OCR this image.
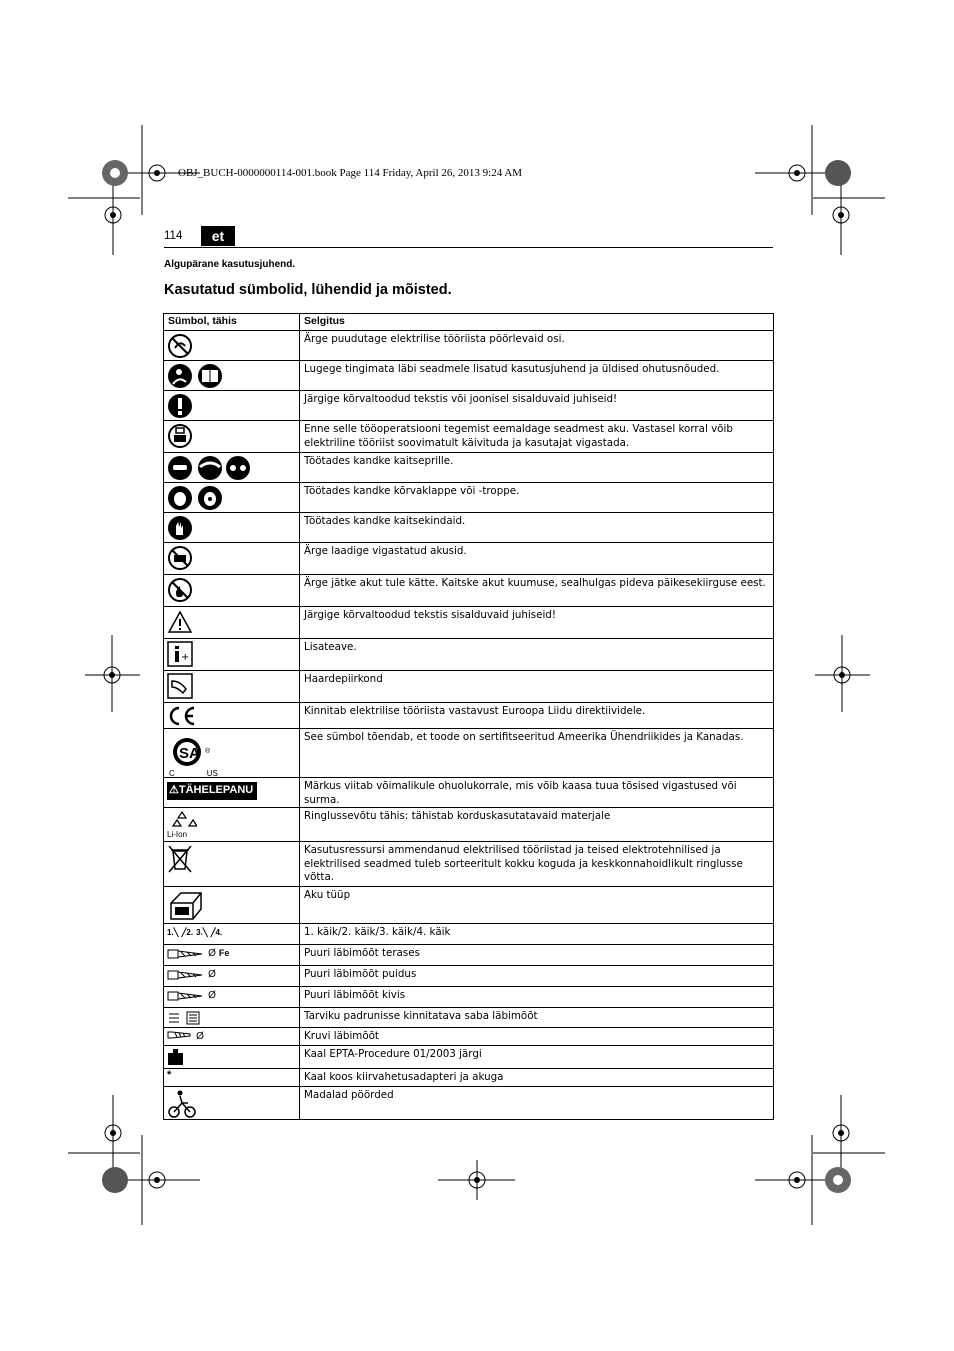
OBJ_BUCH-0000000114-001.book Page 114 Friday, April 26, 2013 9:24 AM
114	et
Algupärane kasutusjuhend.
Kasutatud sümbolid, lühendid ja mõisted.
Sümbol, tähis	Selgitus
	Ärge puudutage elektrilise tööriista pöörlevaid osi.
	Lugege tingimata läbi seadmele lisatud kasutusjuhend ja üldised ohutusnõuded.
	Järgige kõrvaltoodud tekstis või joonisel sisalduvaid juhiseid!
	Enne selle tööoperatsiooni tegemist eemaldage seadmest aku. Vastasel korral võib elektriline tööriist soovimatult käivituda ja kasutajat vigastada.
	Töötades kandke kaitseprille.
	Töötades kandke kõrvaklappe või -troppe.
	Töötades kandke kaitsekindaid.
	Ärge laadige vigastatud akusid.
	Ärge jätke akut tule kätte. Kaitske akut kuumuse, sealhulgas pideva päikesekiirguse eest.
	Järgige kõrvaltoodud tekstis sisalduvaid juhiseid!

+	Lisateave.
	Haardepiirkond
	Kinnitab elektrilise tööriista vastavust Euroopa Liidu direktiividele.

SA ®
$_C$ $_{US}$	See sümbol tõendab, et toode on sertifitseeritud Ameerika Ühendriikides ja Kanadas.
⚠TÄHELEPANU	Märkus viitab võimalikule ohuolukorrale, mis võib kaasa tuua tõsised vigastused või surma.

Li-Ion	Ringlussevõtu tähis: tähistab korduskasutatavaid materjale
	Kasutusressursi ammendanud elektrilised tööriistad ja teised elektrotehnilised ja elektrilised seadmed tuleb sorteeritult kokku koguda ja keskkonnahoidlikult ringlusse võtta.
	Aku tüüp
1.╲ ╱2. 3.╲ ╱4.	1. käik/2. käik/3. käik/4. käik
Ø Fe	Puuri läbimõõt terases
Ø	Puuri läbimõõt puidus
Ø	Puuri läbimõõt kivis
	Tarviku padrunisse kinnitatava saba läbimõõt
Ø	Kruvi läbimõõt
	Kaal EPTA-Procedure 01/2003 järgi
*	Kaal koos kiirvahetusadapteri ja akuga
	Madalad pöörded
